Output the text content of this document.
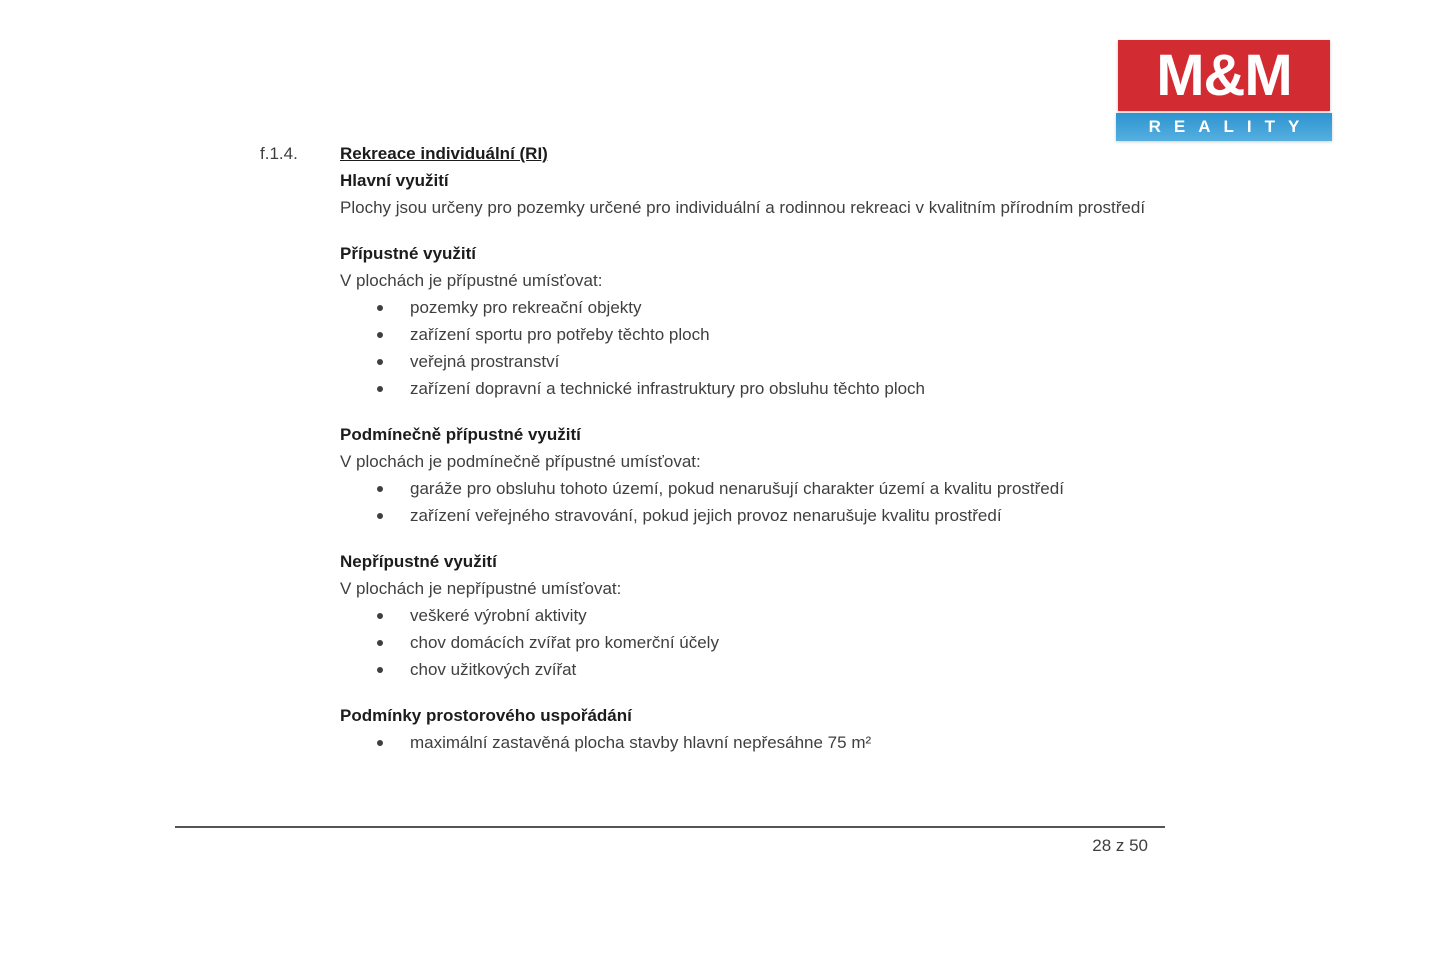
M&M
REALITY
f.1.4. Rekreace individuální (RI)
Hlavní využití

Plochy jsou určeny pro pozemky určené pro individuální a rodinnou rekreaci v kvalitním přírodním prostředí

Přípustné využití

V plochách je přípustné umísťovat:

pozemky pro rekreační objekty
zařízení sportu pro potřeby těchto ploch
veřejná prostranství
zařízení dopravní a technické infrastruktury pro obsluhu těchto ploch
Podmínečně přípustné využití

V plochách je podmínečně přípustné umísťovat:

garáže pro obsluhu tohoto území, pokud nenarušují charakter území a kvalitu prostředí
zařízení veřejného stravování, pokud jejich provoz nenarušuje kvalitu prostředí
Nepřípustné využití

V plochách je nepřípustné umísťovat:

veškeré výrobní aktivity
chov domácích zvířat pro komerční účely
chov užitkových zvířat
Podmínky prostorového uspořádání
maximální zastavěná plocha stavby hlavní nepřesáhne 75 m²
28 z 50
